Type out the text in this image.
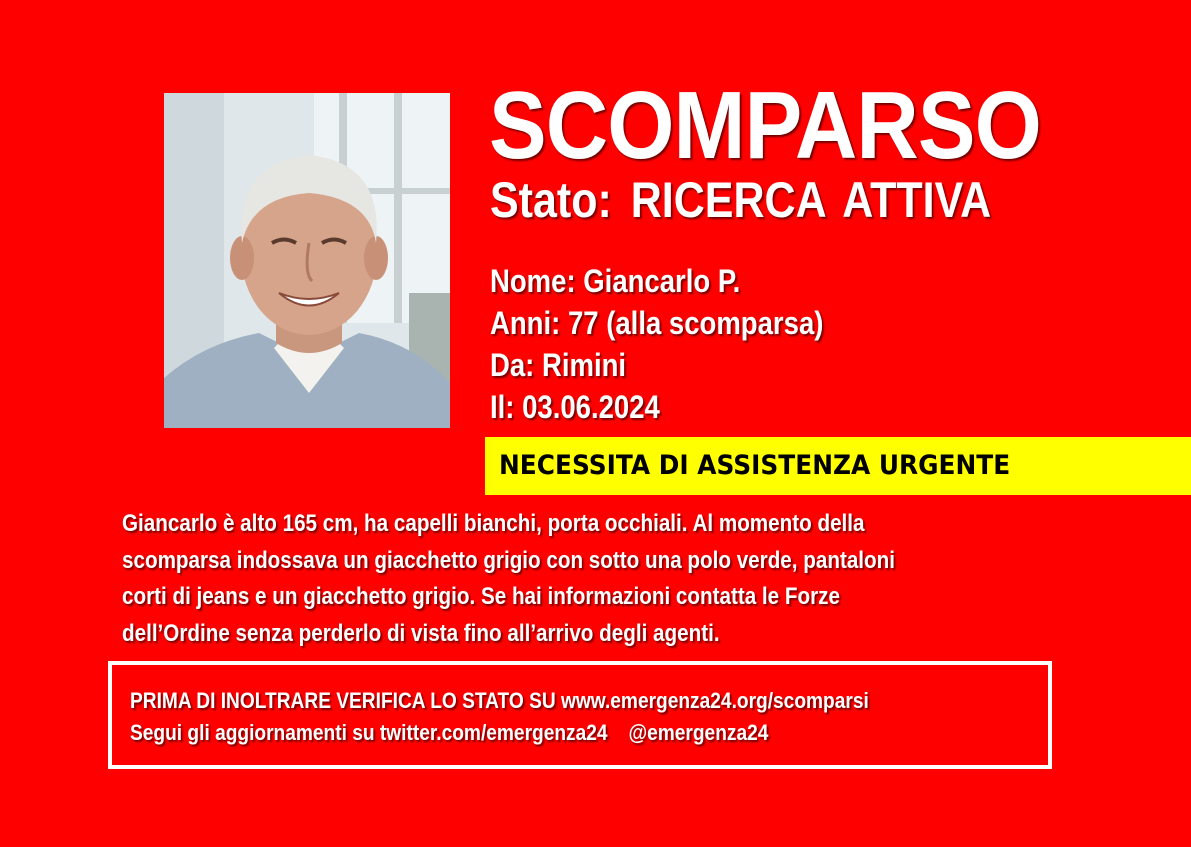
SCOMPARSO
Stato: RICERCA ATTIVA
Nome: Giancarlo P.
Anni: 77 (alla scomparsa)
Da: Rimini
Il: 03.06.2024
NECESSITA DI ASSISTENZA URGENTE
Giancarlo è alto 165 cm, ha capelli bianchi, porta occhiali. Al momento della
scomparsa indossava un giacchetto grigio con sotto una polo verde, pantaloni
corti di jeans e un giacchetto grigio. Se hai informazioni contatta le Forze
dell’Ordine senza perderlo di vista fino all’arrivo degli agenti.
PRIMA DI INOLTRARE VERIFICA LO STATO SU www.emergenza24.org/scomparsi
Segui gli aggiornamenti su twitter.com/emergenza24 @emergenza24
